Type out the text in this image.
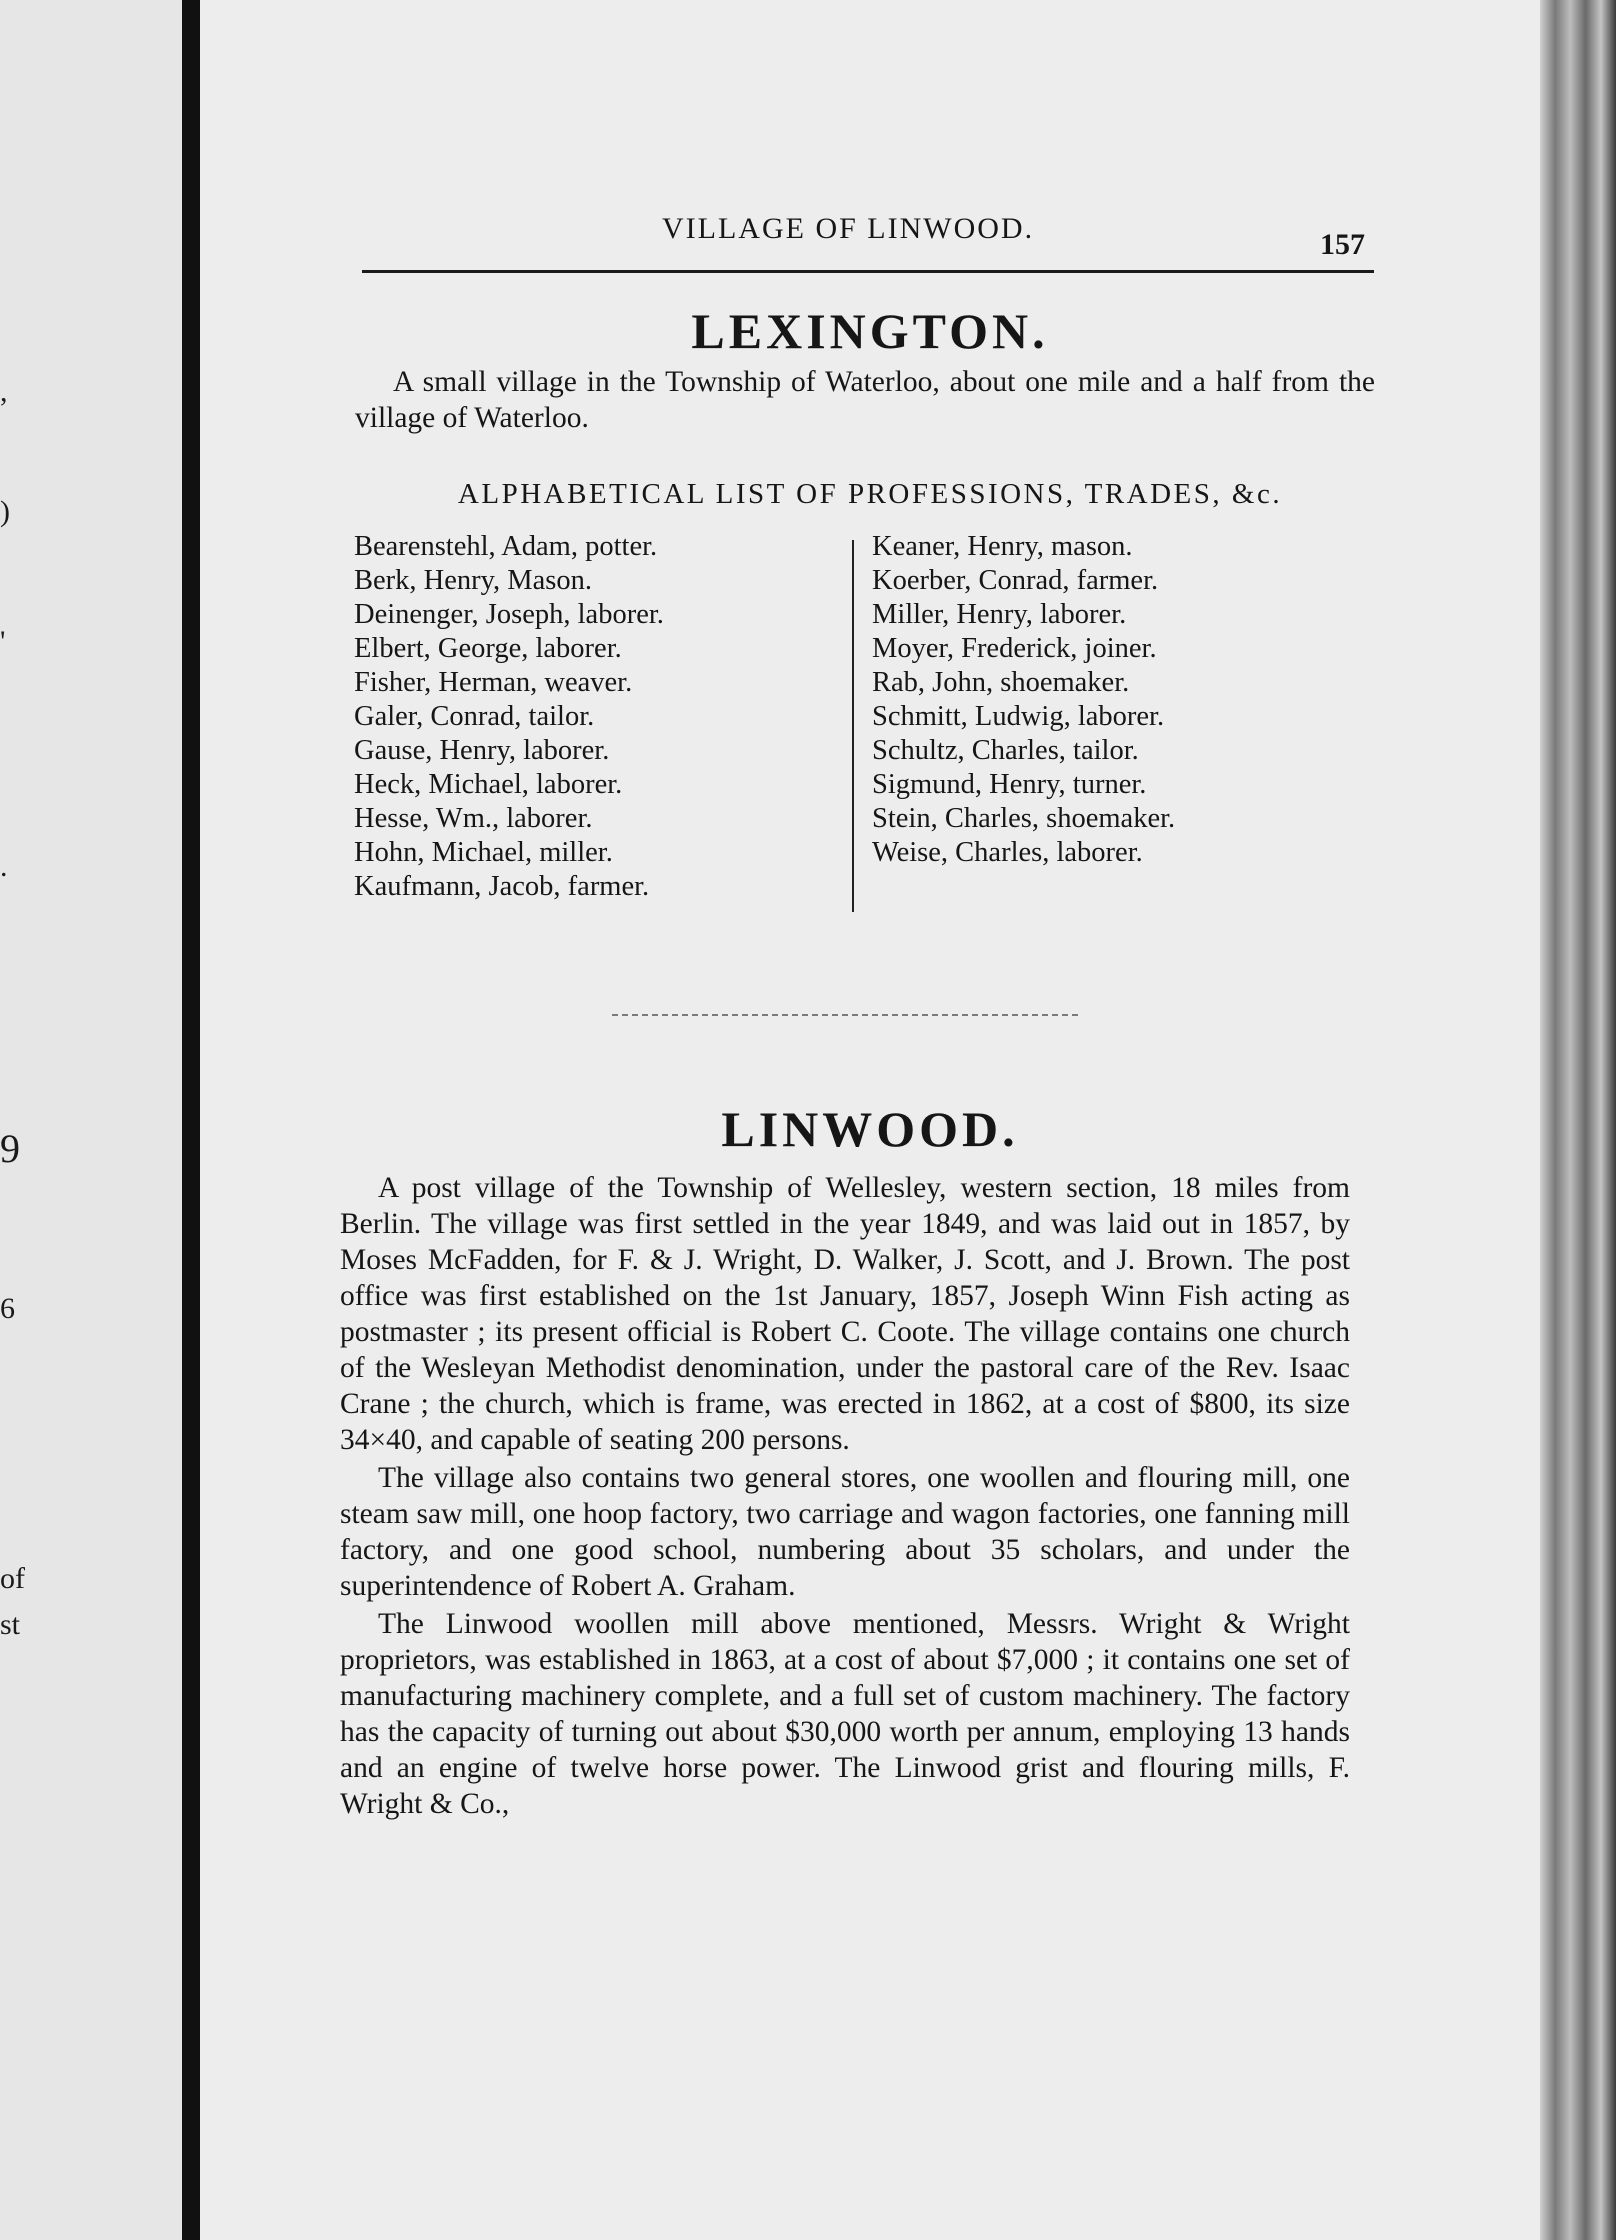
,
)
'
.
9
6
of
st
VILLAGE OF LINWOOD.	157
LEXINGTON.

A small village in the Township of Waterloo, about one mile and a half from the village of Waterloo.

ALPHABETICAL LIST OF PROFESSIONS, TRADES, &c.
Bearenstehl, Adam, potter.
Berk, Henry, Mason.
Deinenger, Joseph, laborer.
Elbert, George, laborer.
Fisher, Herman, weaver.
Galer, Conrad, tailor.
Gause, Henry, laborer.
Heck, Michael, laborer.
Hesse, Wm., laborer.
Hohn, Michael, miller.
Kaufmann, Jacob, farmer.
Keaner, Henry, mason.
Koerber, Conrad, farmer.
Miller, Henry, laborer.
Moyer, Frederick, joiner.
Rab, John, shoemaker.
Schmitt, Ludwig, laborer.
Schultz, Charles, tailor.
Sigmund, Henry, turner.
Stein, Charles, shoemaker.
Weise, Charles, laborer.
LINWOOD.

A post village of the Township of Wellesley, western section, 18 miles from Berlin. The village was first settled in the year 1849, and was laid out in 1857, by Moses McFadden, for F. & J. Wright, D. Walker, J. Scott, and J. Brown. The post office was first established on the 1st January, 1857, Joseph Winn Fish acting as postmaster ; its present official is Robert C. Coote. The village contains one church of the Wesleyan Methodist denomination, under the pastoral care of the Rev. Isaac Crane ; the church, which is frame, was erected in 1862, at a cost of $800, its size 34×40, and capable of seating 200 persons.

The village also contains two general stores, one woollen and flouring mill, one steam saw mill, one hoop factory, two carriage and wagon factories, one fanning mill factory, and one good school, numbering about 35 scholars, and under the superintendence of Robert A. Graham.

The Linwood woollen mill above mentioned, Messrs. Wright & Wright proprietors, was established in 1863, at a cost of about $7,000 ; it contains one set of manufacturing machinery complete, and a full set of custom machinery. The factory has the capacity of turning out about $30,000 worth per annum, employing 13 hands and an engine of twelve horse power. The Linwood grist and flouring mills, F. Wright & Co.,
